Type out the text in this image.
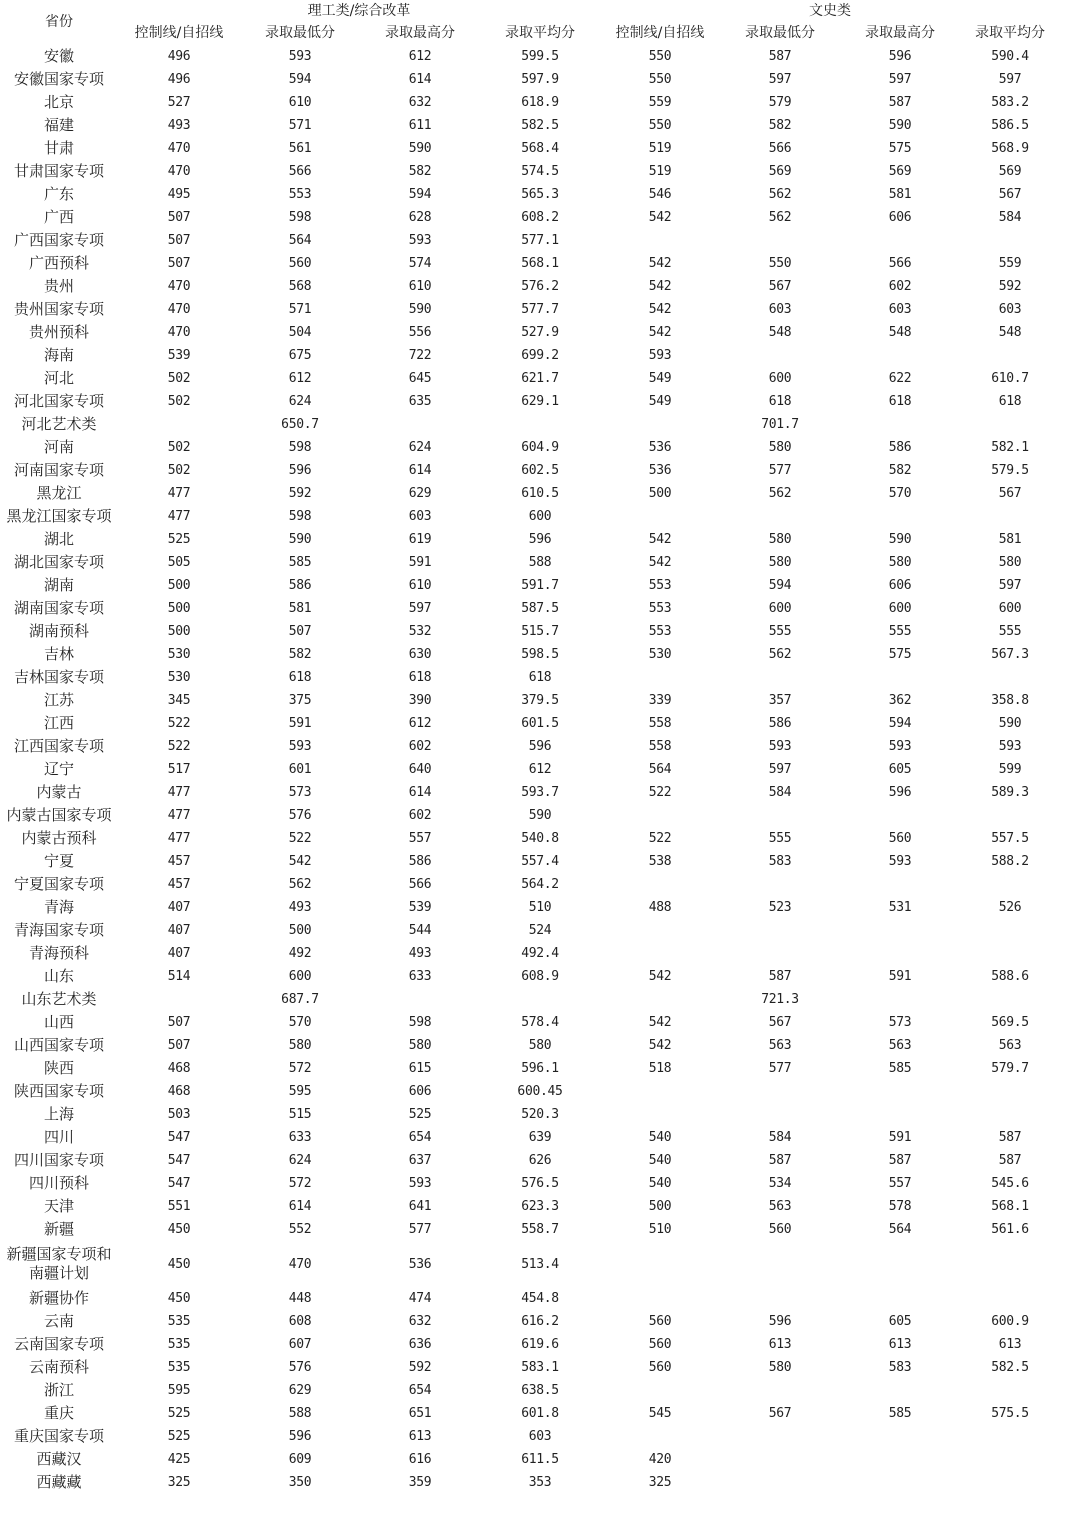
省份	理工类/综合改革				文史类			
	控制线/自招线	录取最低分	录取最高分	录取平均分	控制线/自招线	录取最低分	录取最高分	录取平均分
安徽	496	593	612	599.5	550	587	596	590.4
安徽国家专项	496	594	614	597.9	550	597	597	597
北京	527	610	632	618.9	559	579	587	583.2
福建	493	571	611	582.5	550	582	590	586.5
甘肃	470	561	590	568.4	519	566	575	568.9
甘肃国家专项	470	566	582	574.5	519	569	569	569
广东	495	553	594	565.3	546	562	581	567
广西	507	598	628	608.2	542	562	606	584
广西国家专项	507	564	593	577.1				
广西预科	507	560	574	568.1	542	550	566	559
贵州	470	568	610	576.2	542	567	602	592
贵州国家专项	470	571	590	577.7	542	603	603	603
贵州预科	470	504	556	527.9	542	548	548	548
海南	539	675	722	699.2	593			
河北	502	612	645	621.7	549	600	622	610.7
河北国家专项	502	624	635	629.1	549	618	618	618
河北艺术类		650.7				701.7		
河南	502	598	624	604.9	536	580	586	582.1
河南国家专项	502	596	614	602.5	536	577	582	579.5
黑龙江	477	592	629	610.5	500	562	570	567
黑龙江国家专项	477	598	603	600				
湖北	525	590	619	596	542	580	590	581
湖北国家专项	505	585	591	588	542	580	580	580
湖南	500	586	610	591.7	553	594	606	597
湖南国家专项	500	581	597	587.5	553	600	600	600
湖南预科	500	507	532	515.7	553	555	555	555
吉林	530	582	630	598.5	530	562	575	567.3
吉林国家专项	530	618	618	618				
江苏	345	375	390	379.5	339	357	362	358.8
江西	522	591	612	601.5	558	586	594	590
江西国家专项	522	593	602	596	558	593	593	593
辽宁	517	601	640	612	564	597	605	599
内蒙古	477	573	614	593.7	522	584	596	589.3
内蒙古国家专项	477	576	602	590				
内蒙古预科	477	522	557	540.8	522	555	560	557.5
宁夏	457	542	586	557.4	538	583	593	588.2
宁夏国家专项	457	562	566	564.2				
青海	407	493	539	510	488	523	531	526
青海国家专项	407	500	544	524				
青海预科	407	492	493	492.4				
山东	514	600	633	608.9	542	587	591	588.6
山东艺术类		687.7				721.3		
山西	507	570	598	578.4	542	567	573	569.5
山西国家专项	507	580	580	580	542	563	563	563
陕西	468	572	615	596.1	518	577	585	579.7
陕西国家专项	468	595	606	600.45				
上海	503	515	525	520.3				
四川	547	633	654	639	540	584	591	587
四川国家专项	547	624	637	626	540	587	587	587
四川预科	547	572	593	576.5	540	534	557	545.6
天津	551	614	641	623.3	500	563	578	568.1
新疆	450	552	577	558.7	510	560	564	561.6
新疆国家专项和南疆计划	450	470	536	513.4				
新疆协作	450	448	474	454.8				
云南	535	608	632	616.2	560	596	605	600.9
云南国家专项	535	607	636	619.6	560	613	613	613
云南预科	535	576	592	583.1	560	580	583	582.5
浙江	595	629	654	638.5				
重庆	525	588	651	601.8	545	567	585	575.5
重庆国家专项	525	596	613	603				
西藏汉	425	609	616	611.5	420			
西藏藏	325	350	359	353	325			
